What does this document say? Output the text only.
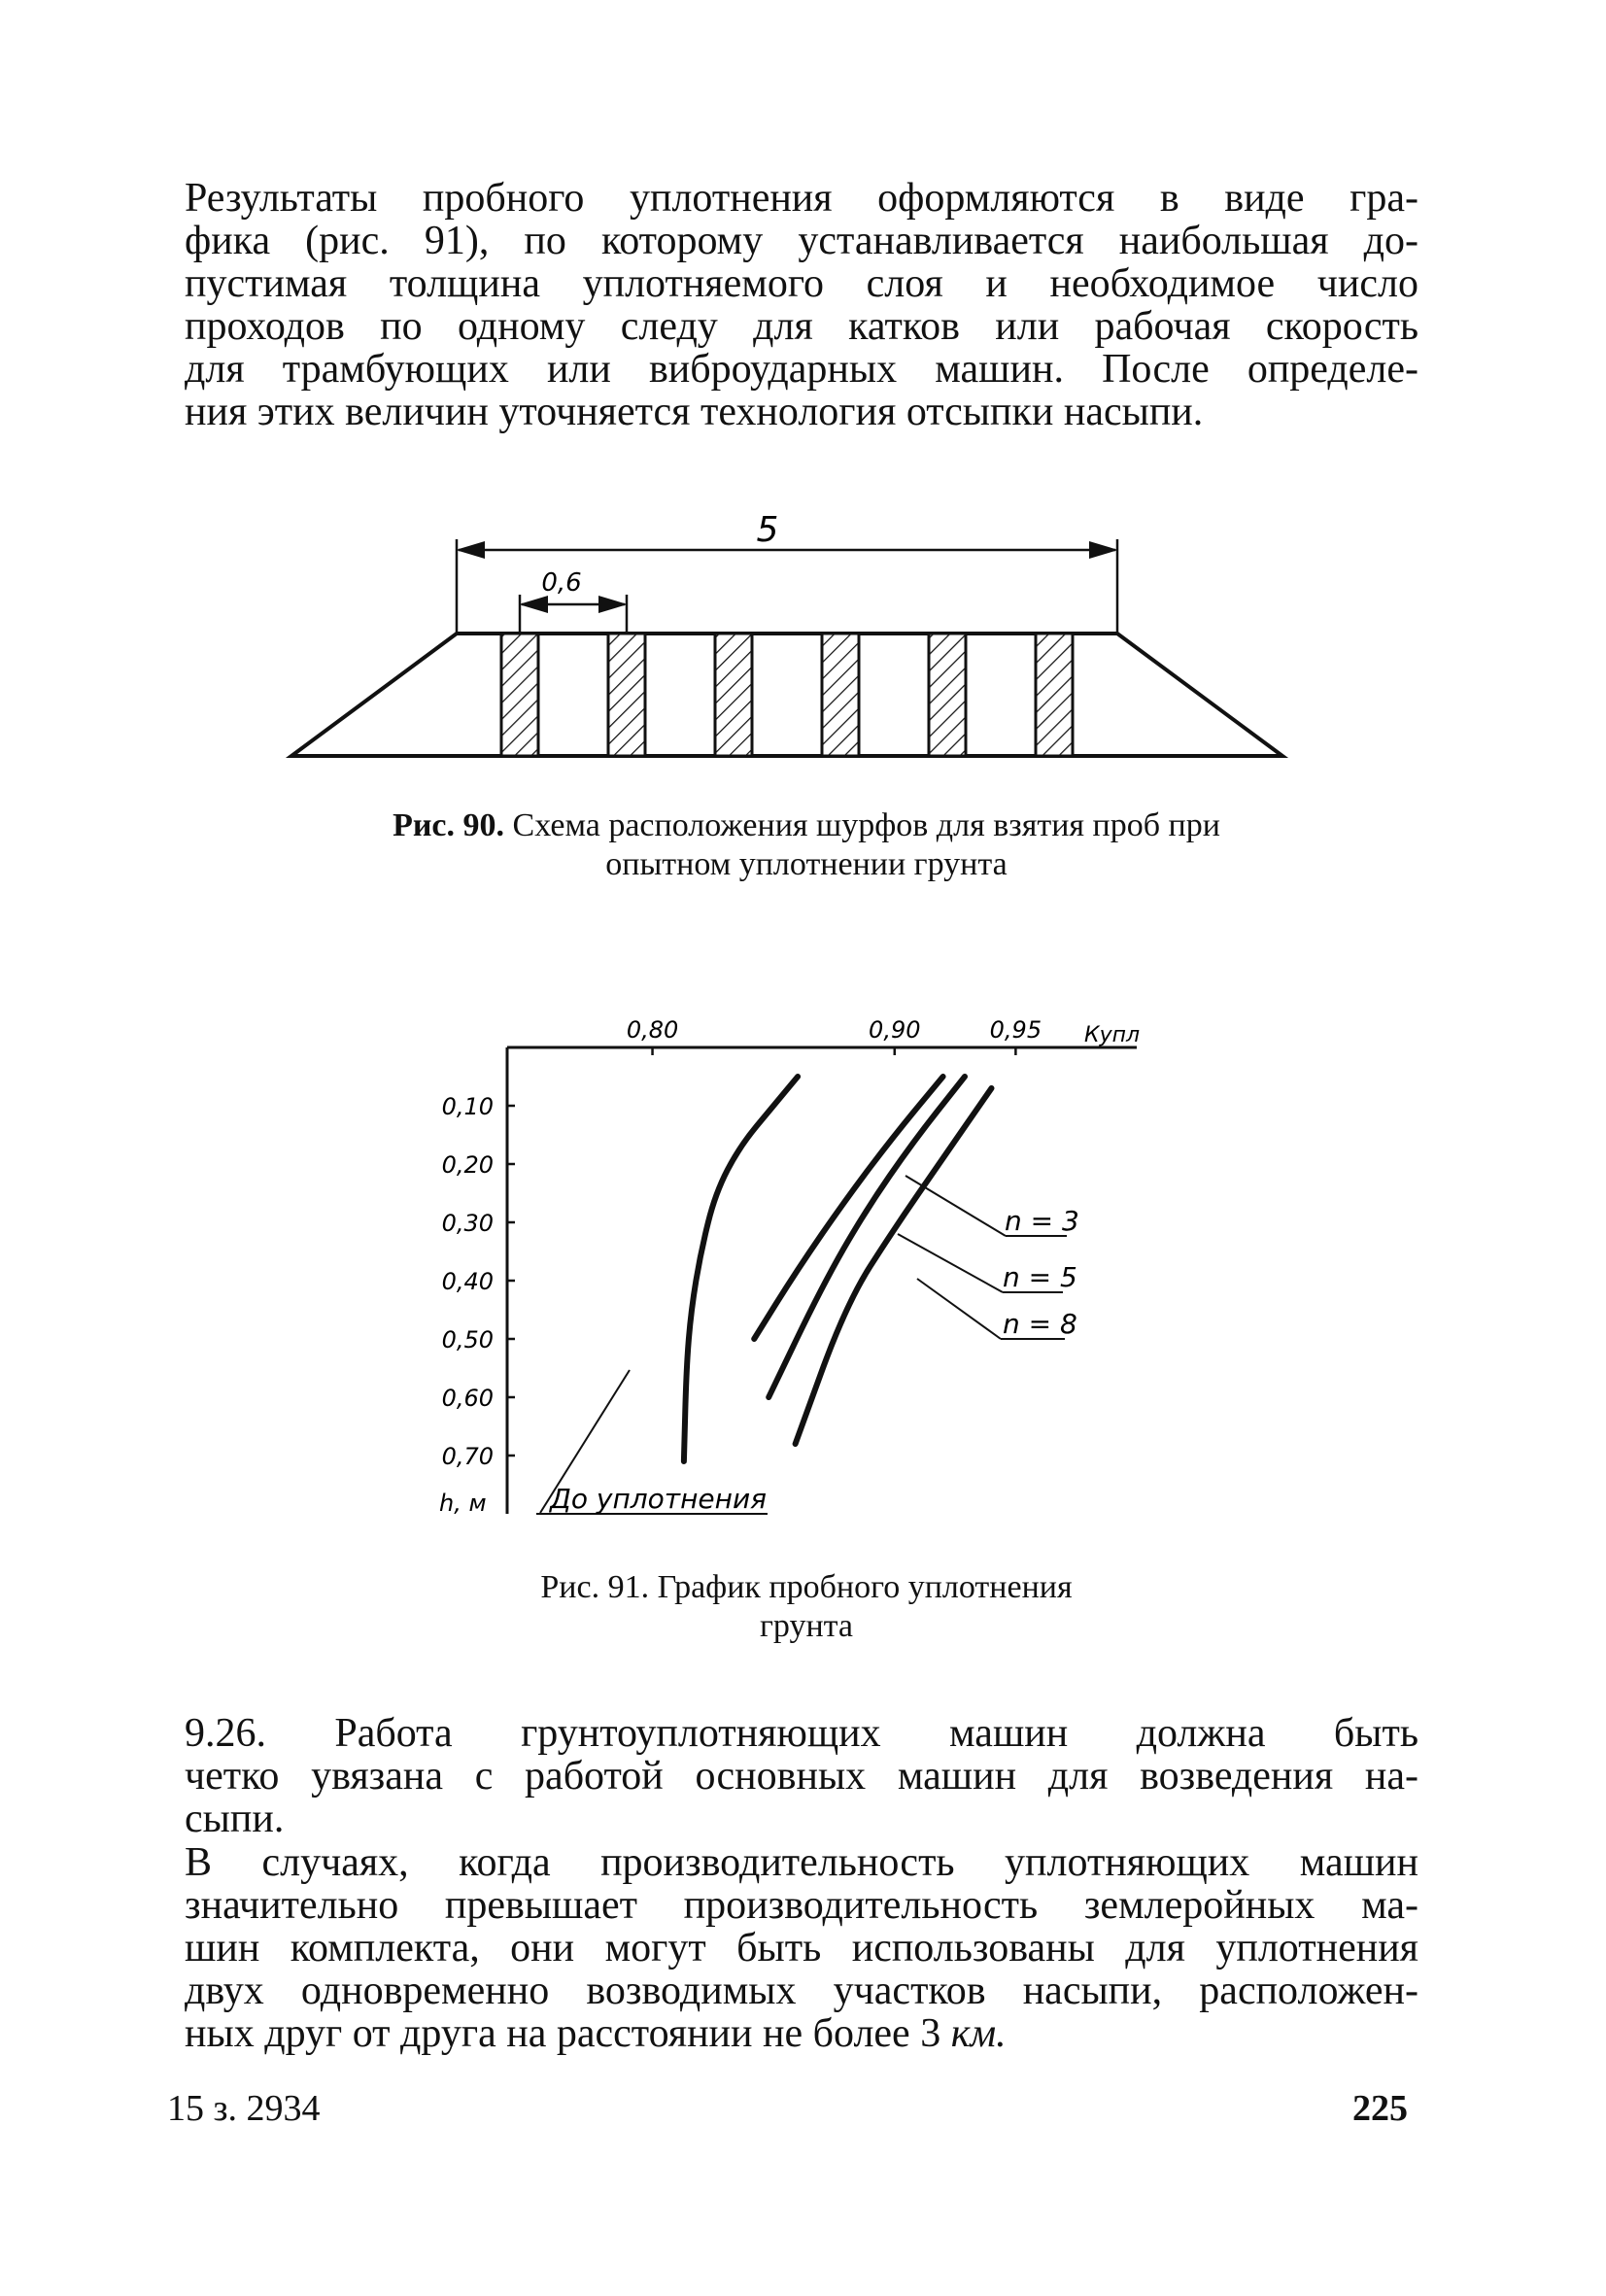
Результаты пробного уплотнения оформляются в виде гра-
фика (рис. 91), по которому устанавливается наибольшая до-
пустимая толщина уплотняемого слоя и необходимое число
проходов по одному следу для катков или рабочая скорость
для трамбующих или виброударных машин. После определе-
ния этих величин уточняется технология отсыпки насыпи.
5
0,6
0,80	0,90	0,95
0,10
0,20
0,30
0,40
0,50
0,60
0,70
n = 3
n = 5
n = 8
До уплотнения
Купл
h, м
Рис. 90. Схема расположения шурфов для взятия проб при
опытном уплотнении грунта
Рис. 91. График пробного уплотнения
грунта
9.26. Работа грунтоуплотняющих машин должна быть
четко увязана с работой основных машин для возведения на-
сыпи.
В случаях, когда производительность уплотняющих машин
значительно превышает производительность землеройных ма-
шин комплекта, они могут быть использованы для уплотнения
двух одновременно возводимых участков насыпи, расположен-
ных друг от друга на расстоянии не более 3 км.
15 з. 2934	225
